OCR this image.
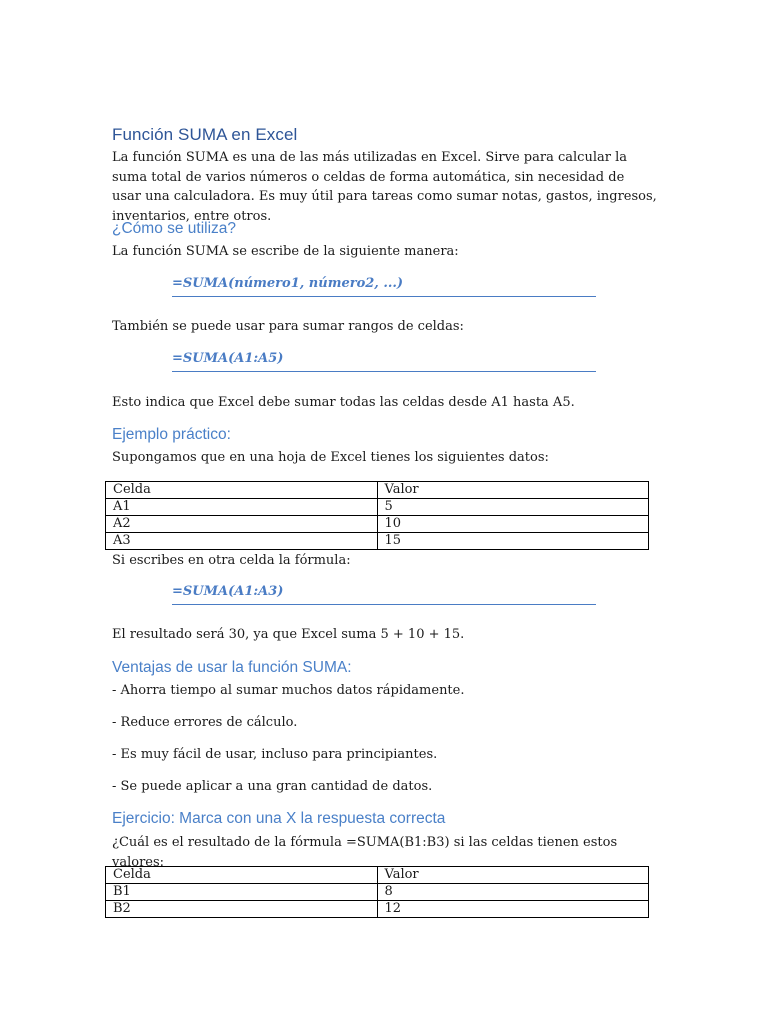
Función SUMA en Excel

La función SUMA es una de las más utilizadas en Excel. Sirve para calcular la suma total de varios números o celdas de forma automática, sin necesidad de usar una calculadora. Es muy útil para tareas como sumar notas, gastos, ingresos, inventarios, entre otros.

¿Cómo se utiliza?

La función SUMA se escribe de la siguiente manera:

=SUMA(número1, número2, ...)

También se puede usar para sumar rangos de celdas:

=SUMA(A1:A5)

Esto indica que Excel debe sumar todas las celdas desde A1 hasta A5.

Ejemplo práctico:

Supongamos que en una hoja de Excel tienes los siguientes datos:

Celda	Valor
A1	5
A2	10
A3	15

Si escribes en otra celda la fórmula:

=SUMA(A1:A3)

El resultado será 30, ya que Excel suma 5 + 10 + 15.

Ventajas de usar la función SUMA:

- Ahorra tiempo al sumar muchos datos rápidamente.

- Reduce errores de cálculo.

- Es muy fácil de usar, incluso para principiantes.

- Se puede aplicar a una gran cantidad de datos.

Ejercicio: Marca con una X la respuesta correcta

¿Cuál es el resultado de la fórmula =SUMA(B1:B3) si las celdas tienen estos valores:

Celda	Valor
B1	8
B2	12
